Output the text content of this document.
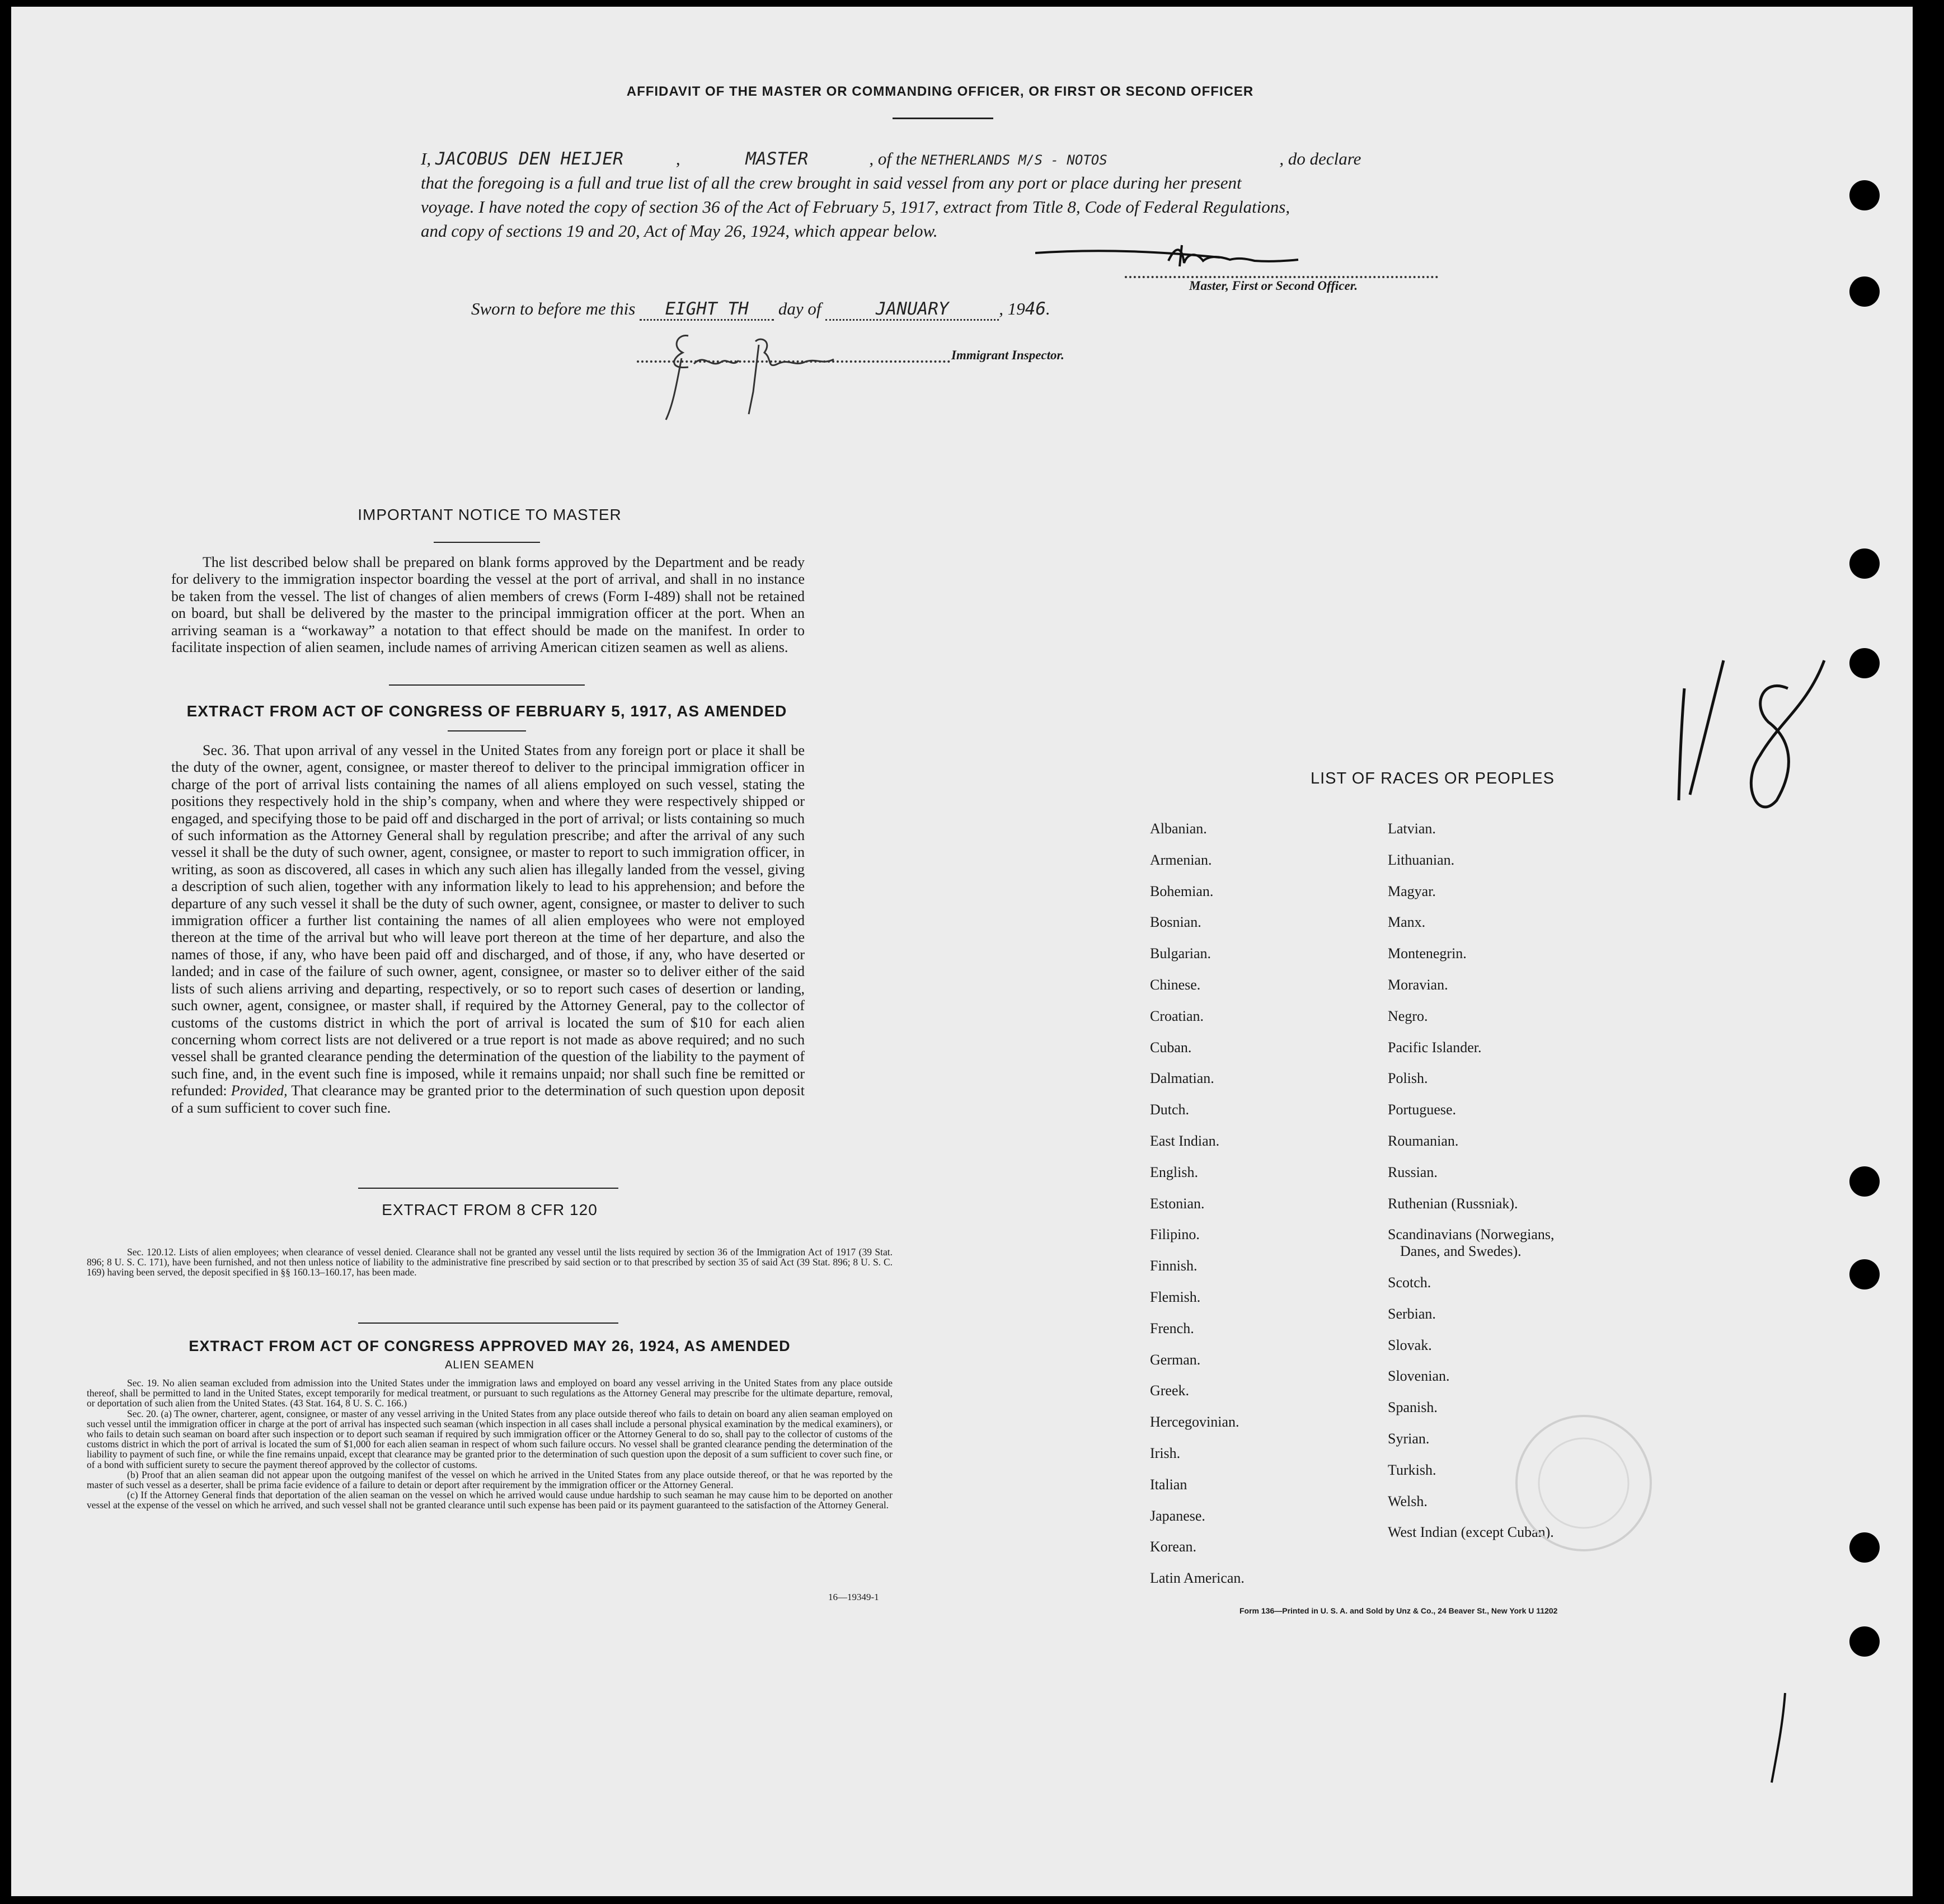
AFFIDAVIT OF THE MASTER OR COMMANDING OFFICER, OR FIRST OR SECOND OFFICER
I, JACOBUS DEN HEIJER	,	MASTER	, of the NETHERLANDS M/S - NOTOS	, do declare
that the foregoing is a full and true list of all the crew brought in said vessel from any port or place during her present
voyage. I have noted the copy of section 36 of the Act of February 5, 1917, extract from Title 8, Code of Federal Regulations,
and copy of sections 19 and 20, Act of May 26, 1924, which appear below.
Master, First or Second Officer.
Sworn to before me this EIGHT TH day of	JANUARY	, 1946.
Immigrant Inspector.
IMPORTANT NOTICE TO MASTER
The list described below shall be prepared on blank forms approved by the Department and be ready for delivery to the immigration inspector boarding the vessel at the port of arrival, and shall in no instance be taken from the vessel. The list of changes of alien members of crews (Form I-489) shall not be retained on board, but shall be delivered by the master to the principal immigration officer at the port. When an arriving seaman is a “workaway” a notation to that effect should be made on the manifest. In order to facilitate inspection of alien seamen, include names of arriving American citizen seamen as well as aliens.
EXTRACT FROM ACT OF CONGRESS OF FEBRUARY 5, 1917, AS AMENDED
Sec. 36. That upon arrival of any vessel in the United States from any foreign port or place it shall be the duty of the owner, agent, consignee, or master thereof to deliver to the principal immigration officer in charge of the port of arrival lists containing the names of all aliens employed on such vessel, stating the positions they respectively hold in the ship’s company, when and where they were respectively shipped or engaged, and specifying those to be paid off and discharged in the port of arrival; or lists containing so much of such information as the Attorney General shall by regulation prescribe; and after the arrival of any such vessel it shall be the duty of such owner, agent, consignee, or master to report to such immigration officer, in writing, as soon as discovered, all cases in which any such alien has illegally landed from the vessel, giving a description of such alien, together with any information likely to lead to his apprehension; and before the departure of any such vessel it shall be the duty of such owner, agent, consignee, or master to deliver to such immigration officer a further list containing the names of all alien employees who were not employed thereon at the time of the arrival but who will leave port thereon at the time of her departure, and also the names of those, if any, who have been paid off and discharged, and of those, if any, who have deserted or landed; and in case of the failure of such owner, agent, consignee, or master so to deliver either of the said lists of such aliens arriving and departing, respectively, or so to report such cases of desertion or landing, such owner, agent, consignee, or master shall, if required by the Attorney General, pay to the collector of customs of the customs district in which the port of arrival is located the sum of $10 for each alien concerning whom correct lists are not delivered or a true report is not made as above required; and no such vessel shall be granted clearance pending the determination of the question of the liability to the payment of such fine, and, in the event such fine is imposed, while it remains unpaid; nor shall such fine be remitted or refunded: Provided, That clearance may be granted prior to the determination of such question upon deposit of a sum sufficient to cover such fine.
EXTRACT FROM 8 CFR 120
Sec. 120.12. Lists of alien employees; when clearance of vessel denied. Clearance shall not be granted any vessel until the lists required by section 36 of the Immigration Act of 1917 (39 Stat. 896; 8 U. S. C. 171), have been furnished, and not then unless notice of liability to the administrative fine prescribed by said section or to that prescribed by section 35 of said Act (39 Stat. 896; 8 U. S. C. 169) having been served, the deposit specified in §§ 160.13–160.17, has been made.
EXTRACT FROM ACT OF CONGRESS APPROVED MAY 26, 1924, AS AMENDED
ALIEN SEAMEN
Sec. 19. No alien seaman excluded from admission into the United States under the immigration laws and employed on board any vessel arriving in the United States from any place outside thereof, shall be permitted to land in the United States, except temporarily for medical treatment, or pursuant to such regulations as the Attorney General may prescribe for the ultimate departure, removal, or deportation of such alien from the United States. (43 Stat. 164, 8 U. S. C. 166.)
Sec. 20. (a) The owner, charterer, agent, consignee, or master of any vessel arriving in the United States from any place outside thereof who fails to detain on board any alien seaman employed on such vessel until the immigration officer in charge at the port of arrival has inspected such seaman (which inspection in all cases shall include a personal physical examination by the medical examiners), or who fails to detain such seaman on board after such inspection or to deport such seaman if required by such immigration officer or the Attorney General to do so, shall pay to the collector of customs of the customs district in which the port of arrival is located the sum of $1,000 for each alien seaman in respect of whom such failure occurs. No vessel shall be granted clearance pending the determination of the liability to payment of such fine, or while the fine remains unpaid, except that clearance may be granted prior to the determination of such question upon the deposit of a sum sufficient to cover such fine, or of a bond with sufficient surety to secure the payment thereof approved by the collector of customs.
(b) Proof that an alien seaman did not appear upon the outgoing manifest of the vessel on which he arrived in the United States from any place outside thereof, or that he was reported by the master of such vessel as a deserter, shall be prima facie evidence of a failure to detain or deport after requirement by the immigration officer or the Attorney General.
(c) If the Attorney General finds that deportation of the alien seaman on the vessel on which he arrived would cause undue hardship to such seaman he may cause him to be deported on another vessel at the expense of the vessel on which he arrived, and such vessel shall not be granted clearance until such expense has been paid or its payment guaranteed to the satisfaction of the Attorney General.
16—19349-1
LIST OF RACES OR PEOPLES
Albanian.
Armenian.
Bohemian.
Bosnian.
Bulgarian.
Chinese.
Croatian.
Cuban.
Dalmatian.
Dutch.
East Indian.
English.
Estonian.
Filipino.
Finnish.
Flemish.
French.
German.
Greek.
Hercegovinian.
Irish.
Italian
Japanese.
Korean.
Latin American.
Latvian.
Lithuanian.
Magyar.
Manx.
Montenegrin.
Moravian.
Negro.
Pacific Islander.
Polish.
Portuguese.
Roumanian.
Russian.
Ruthenian (Russniak).
Scandinavians (Norwegians,
Danes, and Swedes).
Scotch.
Serbian.
Slovak.
Slovenian.
Spanish.
Syrian.
Turkish.
Welsh.
West Indian (except Cuban).
Form 136—Printed in U. S. A. and Sold by Unz & Co., 24 Beaver St., New York U 11202
